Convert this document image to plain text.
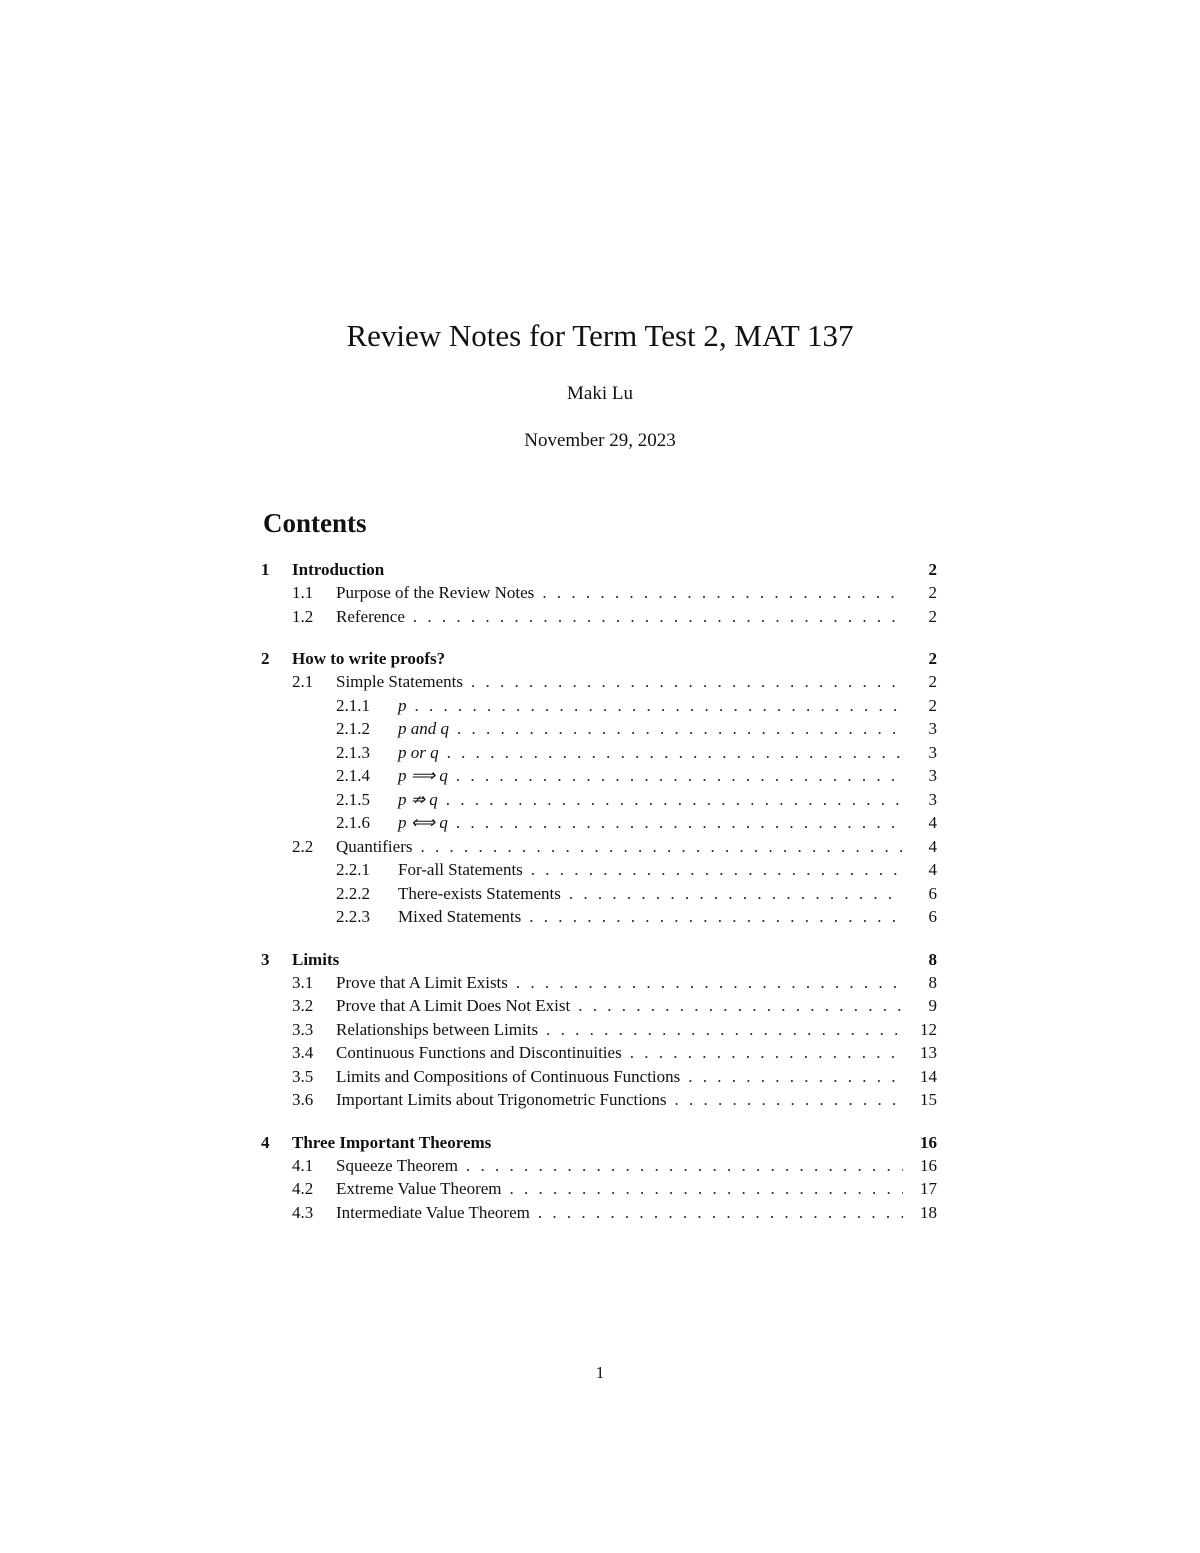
Review Notes for Term Test 2, MAT 137
Maki Lu
November 29, 2023
Contents
1	Introduction	2
1.1	Purpose of the Review Notes . . .	2
1.2	Reference . . .	2
2	How to write proofs?	2
2.1	Simple Statements . . .	2
2.1.1	p . . .	2
2.1.2	p and q . . .	3
2.1.3	p or q . . .	3
2.1.4	p ⟹ q . . .	3
2.1.5	p ⇏ q . . .	3
2.1.6	p ⟺ q . . .	4
2.2	Quantifiers . . .	4
2.2.1	For-all Statements . . .	4
2.2.2	There-exists Statements . . .	6
2.2.3	Mixed Statements . . .	6
3	Limits	8
3.1	Prove that A Limit Exists . . .	8
3.2	Prove that A Limit Does Not Exist . . .	9
3.3	Relationships between Limits . . .	12
3.4	Continuous Functions and Discontinuities . . .	13
3.5	Limits and Compositions of Continuous Functions . . .	14
3.6	Important Limits about Trigonometric Functions . . .	15
4	Three Important Theorems	16
4.1	Squeeze Theorem . . .	16
4.2	Extreme Value Theorem . . .	17
4.3	Intermediate Value Theorem . . .	18
1
